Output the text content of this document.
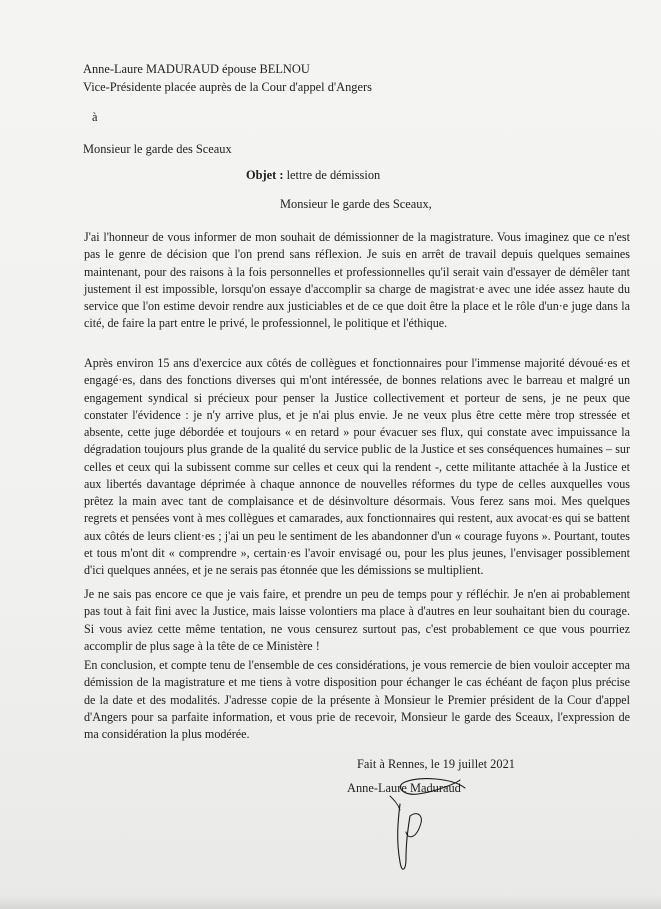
Anne-Laure MADURAUD épouse BELNOU
Vice-Présidente placée auprès de la Cour d'appel d'Angers
à
Monsieur le garde des Sceaux
Objet : lettre de démission
Monsieur le garde des Sceaux,
J'ai l'honneur de vous informer de mon souhait de démissionner de la magistrature. Vous imaginez que ce n'est pas le genre de décision que l'on prend sans réflexion. Je suis en arrêt de travail depuis quelques semaines maintenant, pour des raisons à la fois personnelles et professionnelles qu'il serait vain d'essayer de démêler tant justement il est impossible, lorsqu'on essaye d'accomplir sa charge de magistrat·e avec une idée assez haute du service que l'on estime devoir rendre aux justiciables et de ce que doit être la place et le rôle d'un·e juge dans la cité, de faire la part entre le privé, le professionnel, le politique et l'éthique.
Après environ 15 ans d'exercice aux côtés de collègues et fonctionnaires pour l'immense majorité dévoué·es et engagé·es, dans des fonctions diverses qui m'ont intéressée, de bonnes relations avec le barreau et malgré un engagement syndical si précieux pour penser la Justice collectivement et porteur de sens, je ne peux que constater l'évidence : je n'y arrive plus, et je n'ai plus envie. Je ne veux plus être cette mère trop stressée et absente, cette juge débordée et toujours « en retard » pour évacuer ses flux, qui constate avec impuissance la dégradation toujours plus grande de la qualité du service public de la Justice et ses conséquences humaines – sur celles et ceux qui la subissent comme sur celles et ceux qui la rendent -, cette militante attachée à la Justice et aux libertés davantage déprimée à chaque annonce de nouvelles réformes du type de celles auxquelles vous prêtez la main avec tant de complaisance et de désinvolture désormais. Vous ferez sans moi. Mes quelques regrets et pensées vont à mes collègues et camarades, aux fonctionnaires qui restent, aux avocat·es qui se battent aux côtés de leurs client·es ; j'ai un peu le sentiment de les abandonner d'un « courage fuyons ». Pourtant, toutes et tous m'ont dit « comprendre », certain·es l'avoir envisagé ou, pour les plus jeunes, l'envisager possiblement d'ici quelques années, et je ne serais pas étonnée que les démissions se multiplient.
Je ne sais pas encore ce que je vais faire, et prendre un peu de temps pour y réfléchir. Je n'en ai probablement pas tout à fait fini avec la Justice, mais laisse volontiers ma place à d'autres en leur souhaitant bien du courage. Si vous aviez cette même tentation, ne vous censurez surtout pas, c'est probablement ce que vous pourriez accomplir de plus sage à la tête de ce Ministère !
En conclusion, et compte tenu de l'ensemble de ces considérations, je vous remercie de bien vouloir accepter ma démission de la magistrature et me tiens à votre disposition pour échanger le cas échéant de façon plus précise de la date et des modalités. J'adresse copie de la présente à Monsieur le Premier président de la Cour d'appel d'Angers pour sa parfaite information, et vous prie de recevoir, Monsieur le garde des Sceaux, l'expression de ma considération la plus modérée.
Fait à Rennes, le 19 juillet 2021
Anne-Laure Maduraud
